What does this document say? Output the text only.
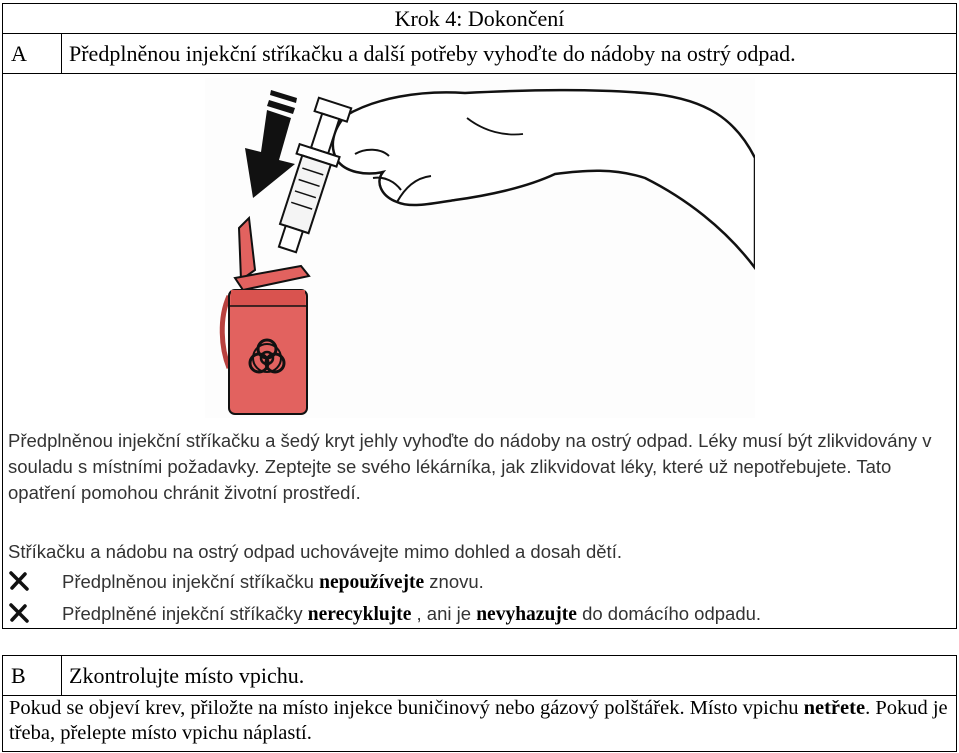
Krok 4: Dokončení
A	Předplněnou injekční stříkačku a další potřeby vyhoďte do nádoby na ostrý odpad.
Předplněnou injekční stříkačku a šedý kryt jehly vyhoďte do nádoby na ostrý odpad. Léky musí být zlikvidovány v souladu s místními požadavky. Zeptejte se svého lékárníka, jak zlikvidovat léky, které už nepotřebujete. Tato opatření pomohou chránit životní prostředí.
Stříkačku a nádobu na ostrý odpad uchovávejte mimo dohled a dosah dětí.
Předplněnou injekční stříkačku nepoužívejte znovu.
Předplněné injekční stříkačky nerecyklujte , ani je nevyhazujte do domácího odpadu.
B	Zkontrolujte místo vpichu.
Pokud se objeví krev, přiložte na místo injekce buničinový nebo gázový polštářek. Místo vpichu netřete. Pokud je třeba, přelepte místo vpichu náplastí.
